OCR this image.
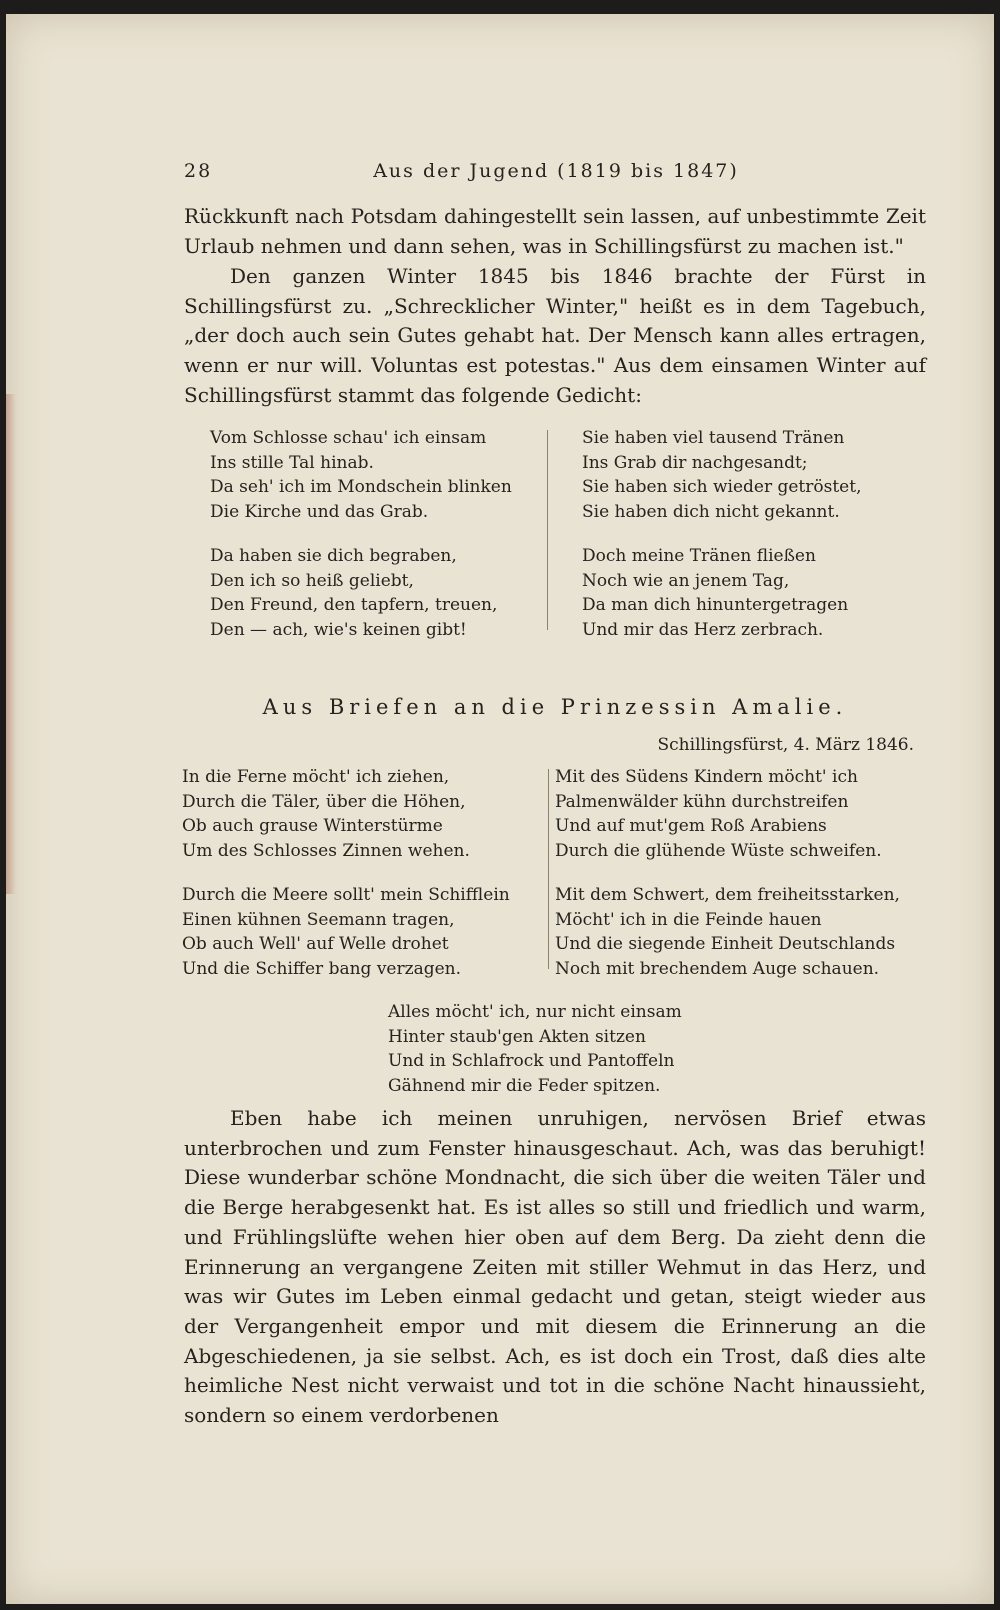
28	Aus der Jugend (1819 bis 1847)

Rückkunft nach Potsdam dahingestellt sein lassen, auf unbestimmte Zeit Urlaub nehmen und dann sehen, was in Schillingsfürst zu machen ist."

Den ganzen Winter 1845 bis 1846 brachte der Fürst in Schillingsfürst zu. „Schrecklicher Winter," heißt es in dem Tagebuch, „der doch auch sein Gutes gehabt hat. Der Mensch kann alles ertragen, wenn er nur will. Voluntas est potestas." Aus dem einsamen Winter auf Schillingsfürst stammt das folgende Gedicht:

Vom Schlosse schau' ich einsam
Ins stille Tal hinab.
Da seh' ich im Mondschein blinken
Die Kirche und das Grab.
Da haben sie dich begraben,
Den ich so heiß geliebt,
Den Freund, den tapfern, treuen,
Den — ach, wie's keinen gibt!
Sie haben viel tausend Tränen
Ins Grab dir nachgesandt;
Sie haben sich wieder getröstet,
Sie haben dich nicht gekannt.
Doch meine Tränen fließen
Noch wie an jenem Tag,
Da man dich hinuntergetragen
Und mir das Herz zerbrach.
Aus Briefen an die Prinzessin Amalie.
Schillingsfürst, 4. März 1846.
In die Ferne möcht' ich ziehen,
Durch die Täler, über die Höhen,
Ob auch grause Winterstürme
Um des Schlosses Zinnen wehen.
Durch die Meere sollt' mein Schifflein
Einen kühnen Seemann tragen,
Ob auch Well' auf Welle drohet
Und die Schiffer bang verzagen.
Mit des Südens Kindern möcht' ich
Palmenwälder kühn durchstreifen
Und auf mut'gem Roß Arabiens
Durch die glühende Wüste schweifen.
Mit dem Schwert, dem freiheitsstarken,
Möcht' ich in die Feinde hauen
Und die siegende Einheit Deutschlands
Noch mit brechendem Auge schauen.
Alles möcht' ich, nur nicht einsam
Hinter staub'gen Akten sitzen
Und in Schlafrock und Pantoffeln
Gähnend mir die Feder spitzen.

Eben habe ich meinen unruhigen, nervösen Brief etwas unterbrochen und zum Fenster hinausgeschaut. Ach, was das beruhigt! Diese wunderbar schöne Mondnacht, die sich über die weiten Täler und die Berge herabgesenkt hat. Es ist alles so still und friedlich und warm, und Frühlingslüfte wehen hier oben auf dem Berg. Da zieht denn die Erinnerung an vergangene Zeiten mit stiller Wehmut in das Herz, und was wir Gutes im Leben einmal gedacht und getan, steigt wieder aus der Vergangenheit empor und mit diesem die Erinnerung an die Abgeschiedenen, ja sie selbst. Ach, es ist doch ein Trost, daß dies alte heimliche Nest nicht verwaist und tot in die schöne Nacht hinaussieht, sondern so einem verdorbenen
